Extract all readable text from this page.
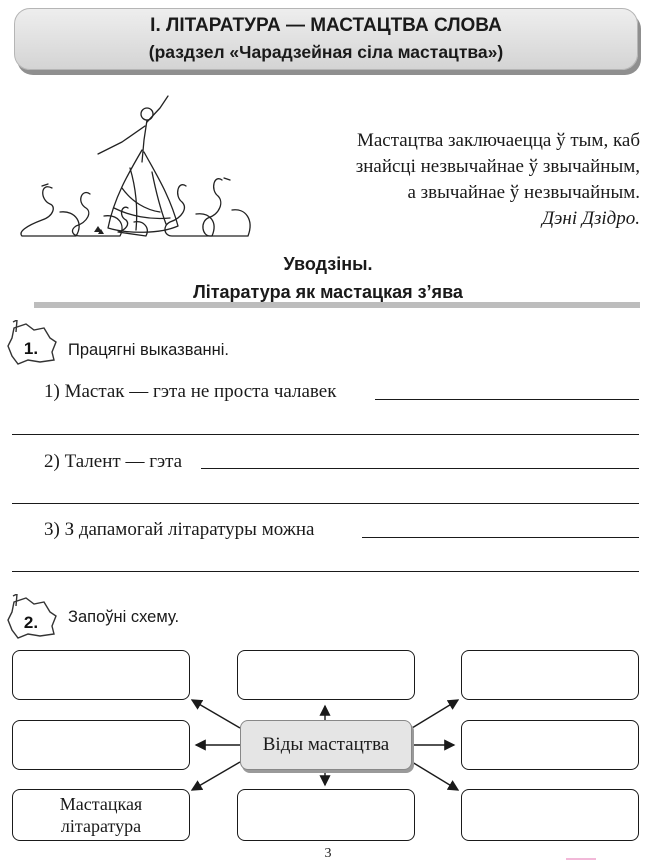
І. ЛІТАРАТУРА — МАСТАЦТВА СЛОВА
(раздзел «Чарадзейная сіла мастацтва»)
Мастацтва заключаецца ў тым, каб
знайсці незвычайнае ў звычайным,
а звычайнае ў незвычайным.
Дэні Дзідро.
Уводзіны.
Літаратура як мастацкая з’ява
1. Працягні выказванні.
1) Мастак — гэта не проста чалавек
2) Талент — гэта
3) З дапамогай літаратуры можна
2. Запоўні схему.
Мастацкая
літаратура
Віды мастацтва
3
